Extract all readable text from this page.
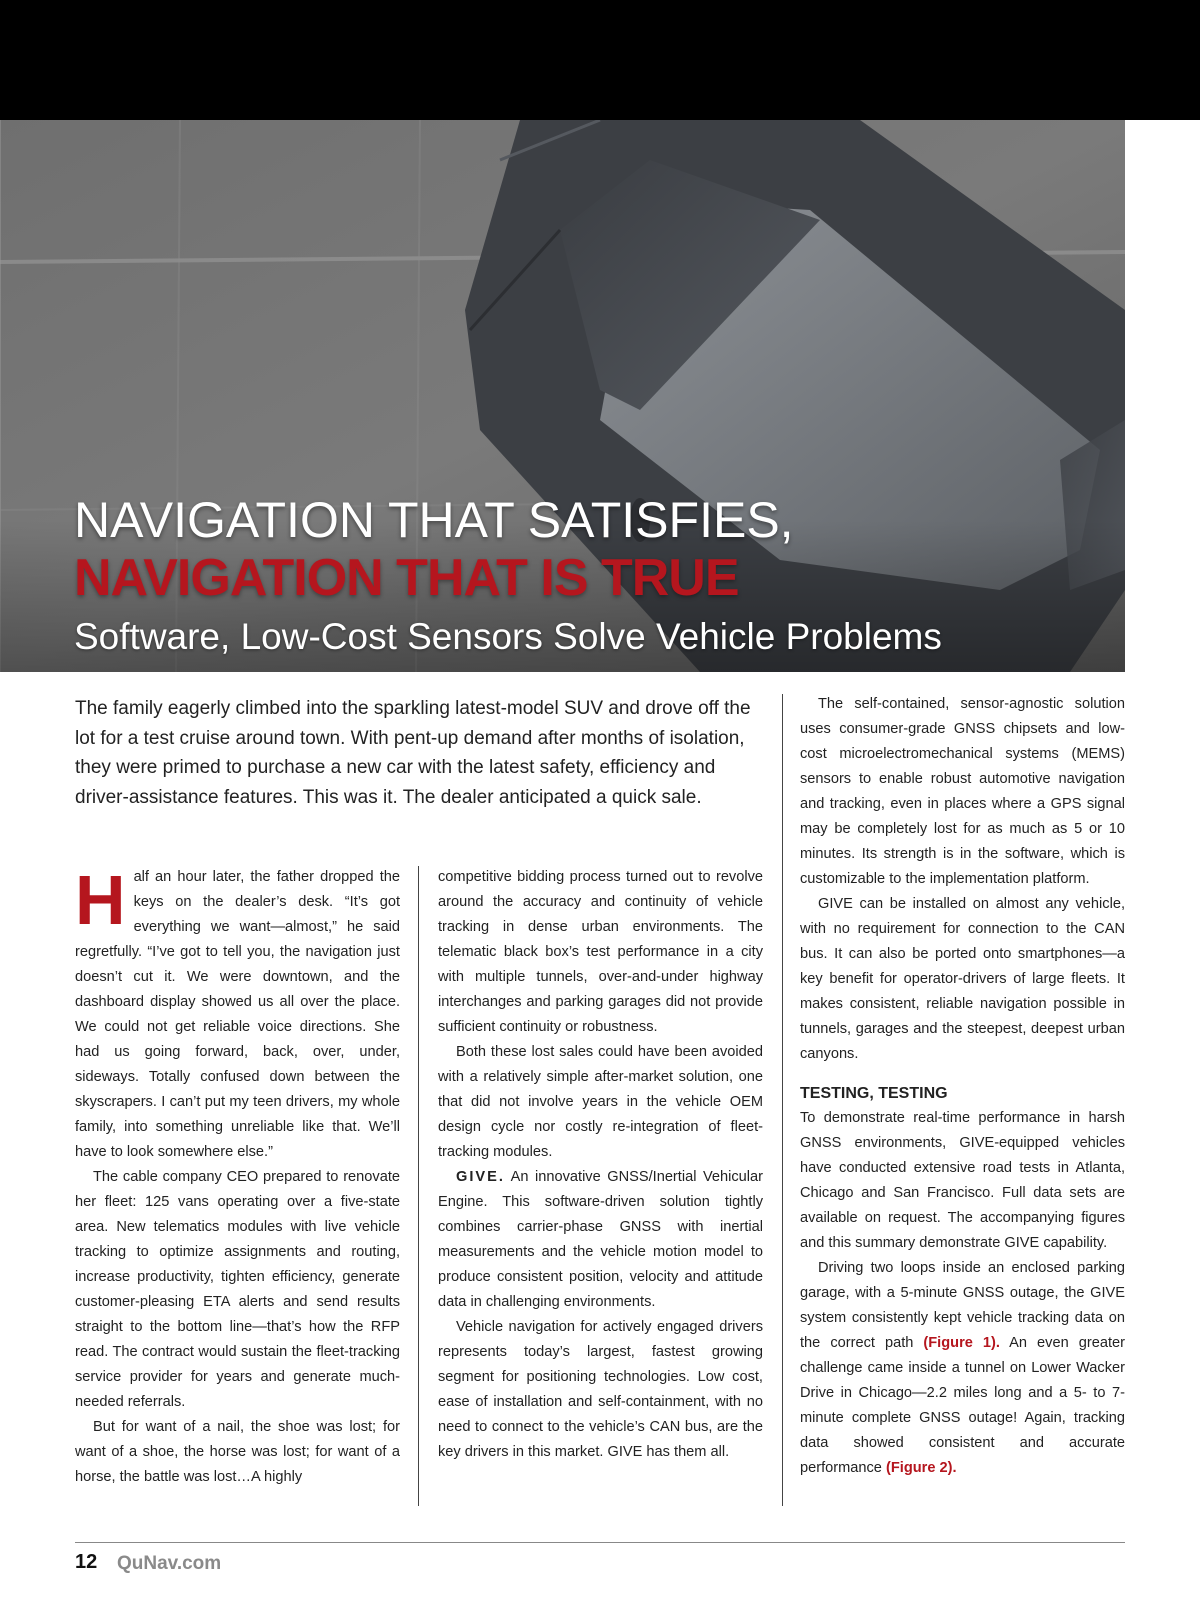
NAVIGATION THAT SATISFIES,
NAVIGATION THAT IS TRUE

Software, Low-Cost Sensors Solve Vehicle Problems

The family eagerly climbed into the sparkling latest-model SUV and drove off the lot for a test cruise around town. With pent-up demand after months of isolation, they were primed to purchase a new car with the latest safety, efficiency and driver-assistance features. This was it. The dealer anticipated a quick sale.

Half an hour later, the father dropped the keys on the dealer’s desk. “It’s got everything we want—almost,” he said regretfully. “I’ve got to tell you, the navigation just doesn’t cut it. We were downtown, and the dashboard display showed us all over the place. We could not get reliable voice directions. She had us going forward, back, over, under, sideways. Totally confused down between the skyscrapers. I can’t put my teen drivers, my whole family, into something unreliable like that. We’ll have to look somewhere else.”

The cable company CEO prepared to renovate her fleet: 125 vans operating over a five-state area. New telematics modules with live vehicle tracking to optimize assignments and routing, increase productivity, tighten efficiency, generate customer-pleasing ETA alerts and send results straight to the bottom line—that’s how the RFP read. The contract would sustain the fleet-tracking service provider for years and generate much-needed referrals.

But for want of a nail, the shoe was lost; for want of a shoe, the horse was lost; for want of a horse, the battle was lost…A highly

competitive bidding process turned out to revolve around the accuracy and continuity of vehicle tracking in dense urban environments. The telematic black box’s test performance in a city with multiple tunnels, over-and-under highway interchanges and parking garages did not provide sufficient continuity or robustness.

Both these lost sales could have been avoided with a relatively simple after-market solution, one that did not involve years in the vehicle OEM design cycle nor costly re-integration of fleet-tracking modules.

GIVE. An innovative GNSS/Inertial Vehicular Engine. This software-driven solution tightly combines carrier-phase GNSS with inertial measurements and the vehicle motion model to produce consistent position, velocity and attitude data in challenging environments.

Vehicle navigation for actively engaged drivers represents today’s largest, fastest growing segment for positioning technologies. Low cost, ease of installation and self-containment, with no need to connect to the vehicle’s CAN bus, are the key drivers in this market. GIVE has them all.

The self-contained, sensor-agnostic solution uses consumer-grade GNSS chipsets and low-cost microelectromechanical systems (MEMS) sensors to enable robust automotive navigation and tracking, even in places where a GPS signal may be completely lost for as much as 5 or 10 minutes. Its strength is in the software, which is customizable to the implementation platform.

GIVE can be installed on almost any vehicle, with no requirement for connection to the CAN bus. It can also be ported onto smartphones—a key benefit for operator-drivers of large fleets. It makes consistent, reliable navigation possible in tunnels, garages and the steepest, deepest urban canyons.

TESTING, TESTING

To demonstrate real-time performance in harsh GNSS environments, GIVE-equipped vehicles have conducted extensive road tests in Atlanta, Chicago and San Francisco. Full data sets are available on request. The accompanying figures and this summary demonstrate GIVE capability.

Driving two loops inside an enclosed parking garage, with a 5-minute GNSS outage, the GIVE system consistently kept vehicle tracking data on the correct path (Figure 1). An even greater challenge came inside a tunnel on Lower Wacker Drive in Chicago—2.2 miles long and a 5- to 7-minute complete GNSS outage! Again, tracking data showed consistent and accurate performance (Figure 2).

12 QuNav.com
